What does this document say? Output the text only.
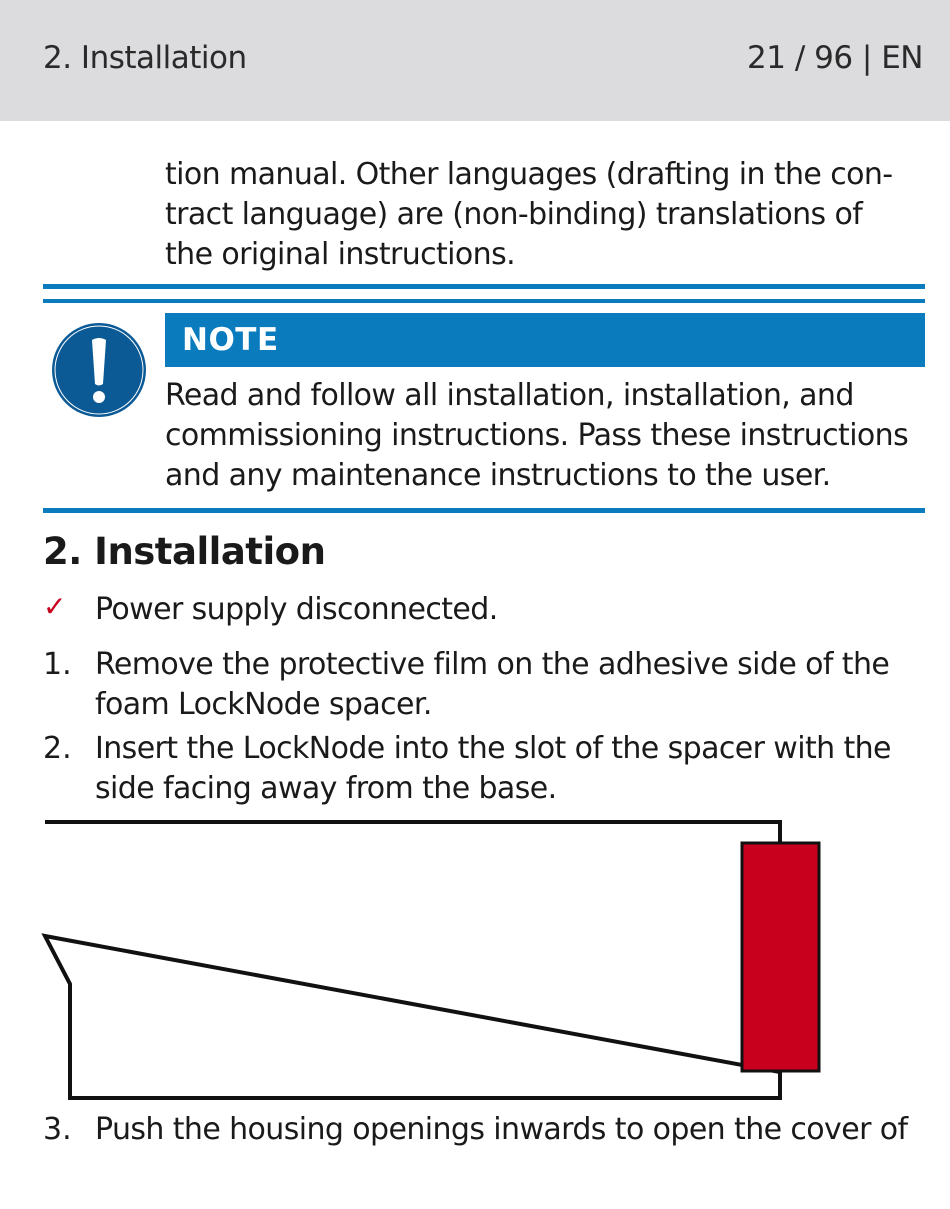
2. Installation	21 / 96 | EN

tion manual. Other languages (drafting in the con-

tract language) are (non-binding) translations of

the original instructions.

NOTE

Read and follow all installation, installation, and

commissioning instructions. Pass these instructions

and any maintenance instructions to the user.

2. Installation
✓ Power supply disconnected.

1. Remove the protective film on the adhesive side of the

foam LockNode spacer.

2. Insert the LockNode into the slot of the spacer with the

side facing away from the base.

3. Push the housing openings inwards to open the cover of
